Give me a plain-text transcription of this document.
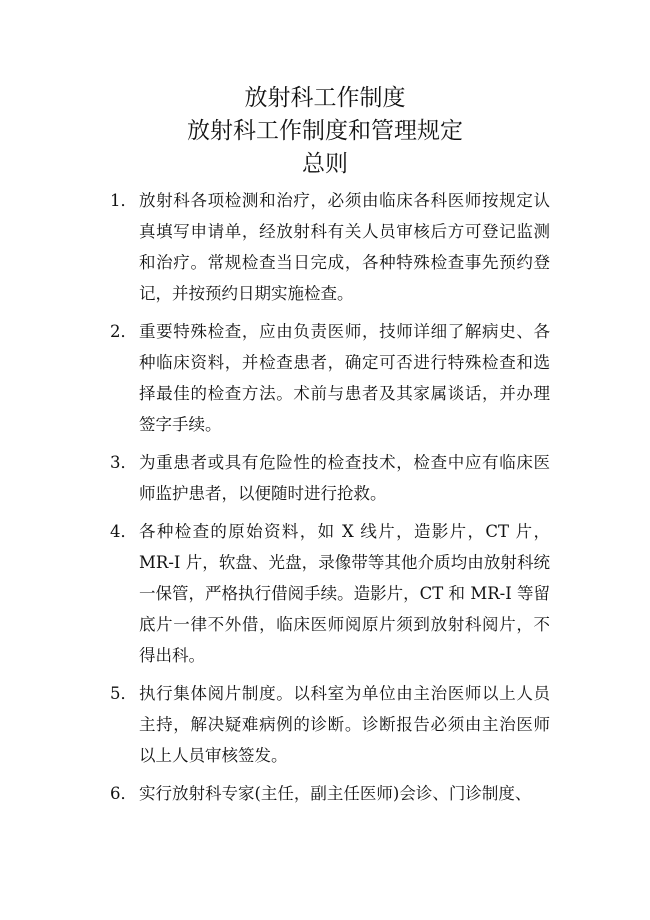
放射科工作制度
放射科工作制度和管理规定
总则
1． 放射科各项检测和治疗，必须由临床各科医师按规定认真填写申请单，经放射科有关人员审核后方可登记监测和治疗。常规检查当日完成，各种特殊检查事先预约登记，并按预约日期实施检查。
2． 重要特殊检查，应由负责医师，技师详细了解病史、各种临床资料，并检查患者，确定可否进行特殊检查和选择最佳的检查方法。术前与患者及其家属谈话，并办理签字手续。
3． 为重患者或具有危险性的检查技术，检查中应有临床医师监护患者，以便随时进行抢救。
4． 各种检查的原始资料，如 X 线片，造影片，CT 片，MR-I 片，软盘、光盘，录像带等其他介质均由放射科统一保管，严格执行借阅手续。造影片，CT 和 MR-I 等留底片一律不外借，临床医师阅原片须到放射科阅片，不得出科。
5． 执行集体阅片制度。以科室为单位由主治医师以上人员主持，解决疑难病例的诊断。诊断报告必须由主治医师以上人员审核签发。
6． 实行放射科专家(主任，副主任医师)会诊、门诊制度、
